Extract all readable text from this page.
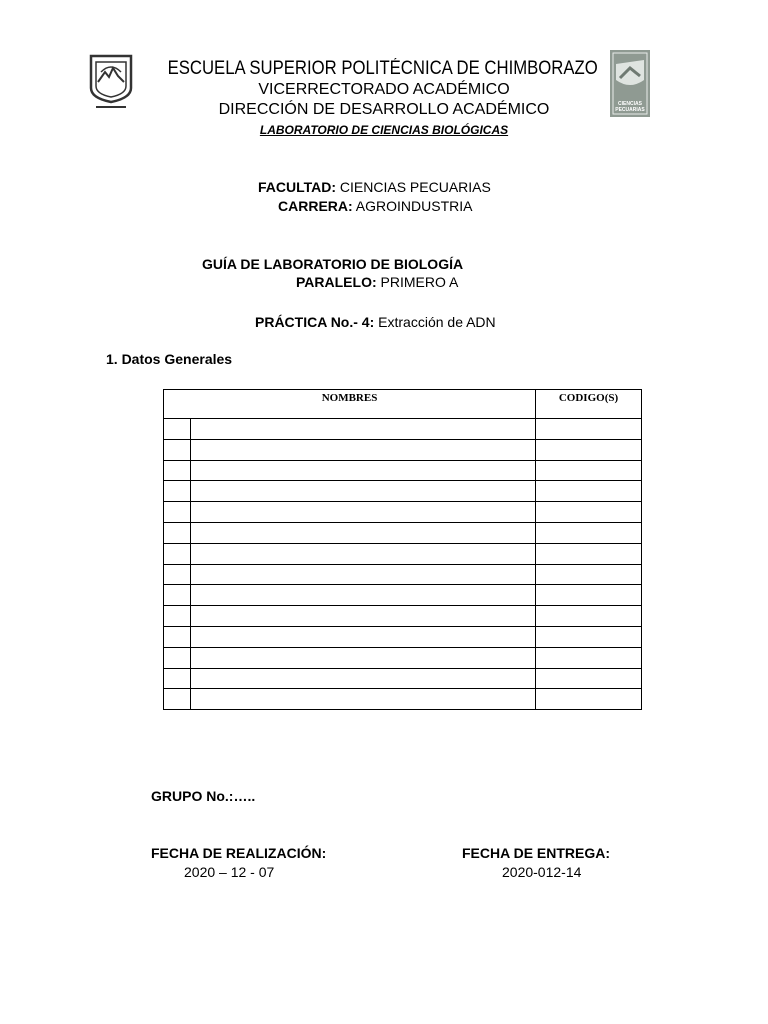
CIENCIAS
PECUARIAS
ESCUELA SUPERIOR POLITÉCNICA DE CHIMBORAZO
VICERRECTORADO ACADÉMICO
DIRECCIÓN DE DESARROLLO ACADÉMICO
LABORATORIO DE CIENCIAS BIOLÓGICAS
FACULTAD: CIENCIAS PECUARIAS
CARRERA: AGROINDUSTRIA
GUÍA DE LABORATORIO DE BIOLOGÍA
PARALELO: PRIMERO A
PRÁCTICA No.- 4: Extracción de ADN
1. Datos Generales
NOMBRES		CODIGO(S)

GRUPO No.:…..
FECHA DE REALIZACIÓN:
2020 – 12 - 07
FECHA DE ENTREGA:
2020-012-14
